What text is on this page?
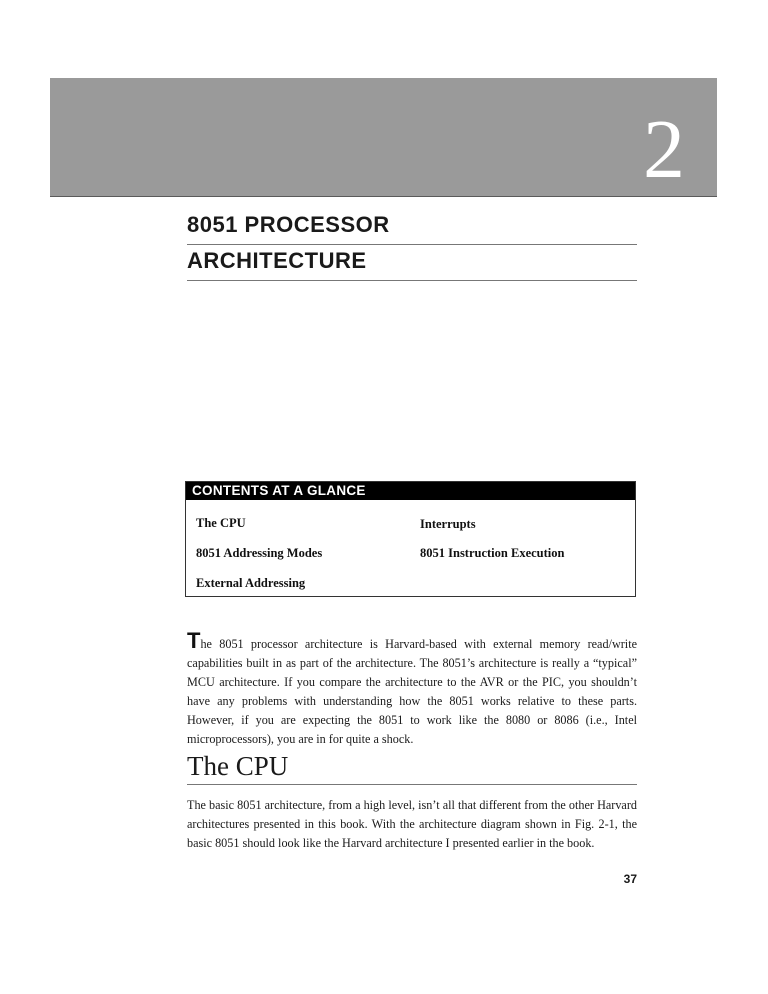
2
8051 PROCESSOR
ARCHITECTURE
CONTENTS AT A GLANCE
The CPU
8051 Addressing Modes
External Addressing
Interrupts
8051 Instruction Execution

The 8051 processor architecture is Harvard-based with external memory read/write capabilities built in as part of the architecture. The 8051’s architecture is really a “typical” MCU architecture. If you compare the architecture to the AVR or the PIC, you shouldn’t have any problems with understanding how the 8051 works relative to these parts. However, if you are expecting the 8051 to work like the 8080 or 8086 (i.e., Intel microprocessors), you are in for quite a shock.

The CPU

The basic 8051 architecture, from a high level, isn’t all that different from the other Harvard architectures presented in this book. With the architecture diagram shown in Fig. 2-1, the basic 8051 should look like the Harvard architecture I presented earlier in the book.

37
